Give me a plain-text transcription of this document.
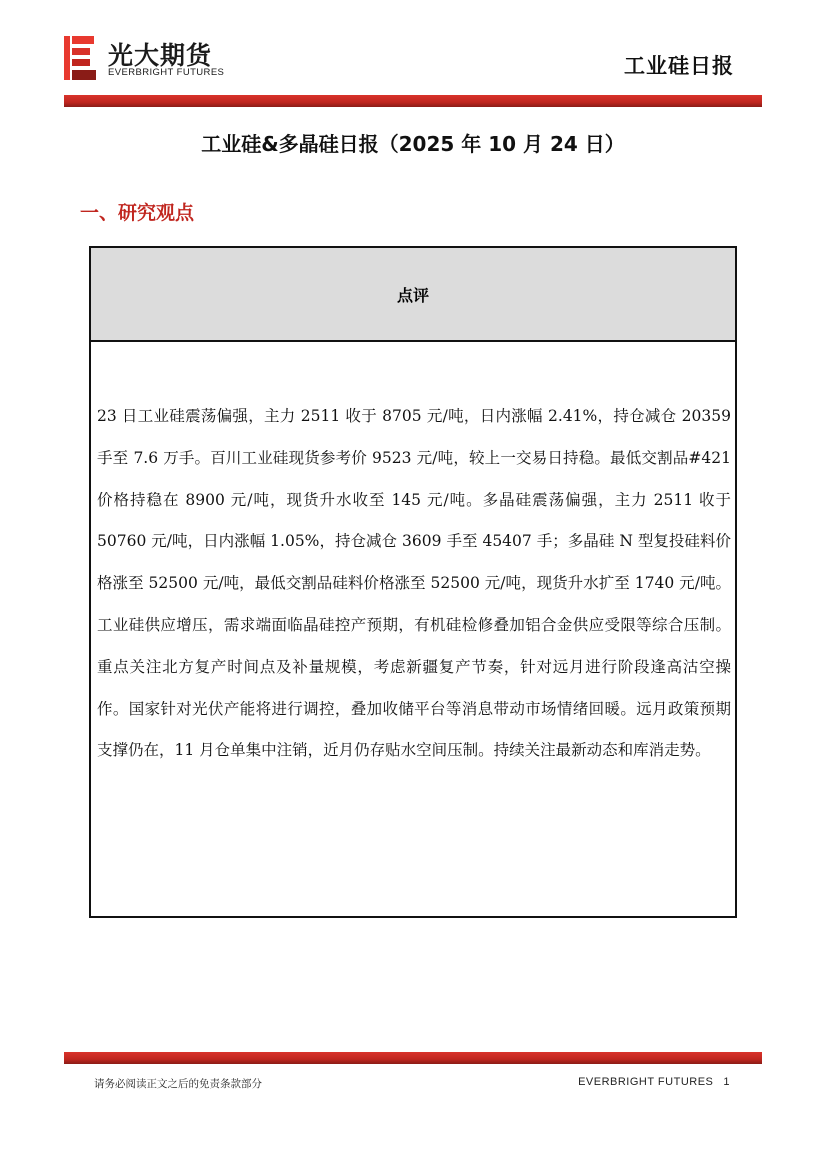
光大期货
EVERBRIGHT FUTURES	工业硅日报
工业硅&多晶硅日报（2025 年 10 月 24 日）
一、研究观点
点评
23 日工业硅震荡偏强，主力 2511 收于 8705 元/吨，日内涨幅 2.41%，持仓减仓 20359 手至 7.6 万手。百川工业硅现货参考价 9523 元/吨，较上一交易日持稳。最低交割品#421 价格持稳在 8900 元/吨，现货升水收至 145 元/吨。多晶硅震荡偏强，主力 2511 收于 50760 元/吨，日内涨幅 1.05%，持仓减仓 3609 手至 45407 手；多晶硅 N 型复投硅料价格涨至 52500 元/吨，最低交割品硅料价格涨至 52500 元/吨，现货升水扩至 1740 元/吨。工业硅供应增压，需求端面临晶硅控产预期，有机硅检修叠加铝合金供应受限等综合压制。重点关注北方复产时间点及补量规模，考虑新疆复产节奏，针对远月进行阶段逢高沽空操作。国家针对光伏产能将进行调控，叠加收储平台等消息带动市场情绪回暖。远月政策预期支撑仍在，11 月仓单集中注销，近月仍存贴水空间压制。持续关注最新动态和库消走势。
请务必阅读正文之后的免责条款部分	EVERBRIGHT FUTURES 1
